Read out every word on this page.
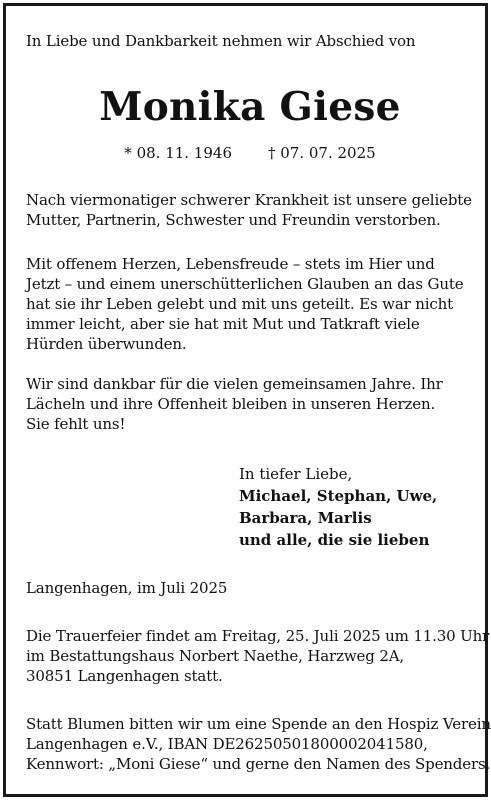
In Liebe und Dankbarkeit nehmen wir Abschied von
Monika Giese
* 08. 11. 1946 † 07. 07. 2025
Nach viermonatiger schwerer Krankheit ist unsere geliebte
Mutter, Partnerin, Schwester und Freundin verstorben.
Mit offenem Herzen, Lebensfreude – stets im Hier und
Jetzt – und einem unerschütterlichen Glauben an das Gute
hat sie ihr Leben gelebt und mit uns geteilt. Es war nicht
immer leicht, aber sie hat mit Mut und Tatkraft viele
Hürden überwunden.
Wir sind dankbar für die vielen gemeinsamen Jahre. Ihr
Lächeln und ihre Offenheit bleiben in unseren Herzen.
Sie fehlt uns!
In tiefer Liebe,
Michael, Stephan, Uwe,
Barbara, Marlis
und alle, die sie lieben
Langenhagen, im Juli 2025
Die Trauerfeier findet am Freitag, 25. Juli 2025 um 11.30 Uhr
im Bestattungshaus Norbert Naethe, Harzweg 2A,
30851 Langenhagen statt.
Statt Blumen bitten wir um eine Spende an den Hospiz Verein
Langenhagen e.V., IBAN DE26250501800002041580,
Kennwort: „Moni Giese“ und gerne den Namen des Spenders.
